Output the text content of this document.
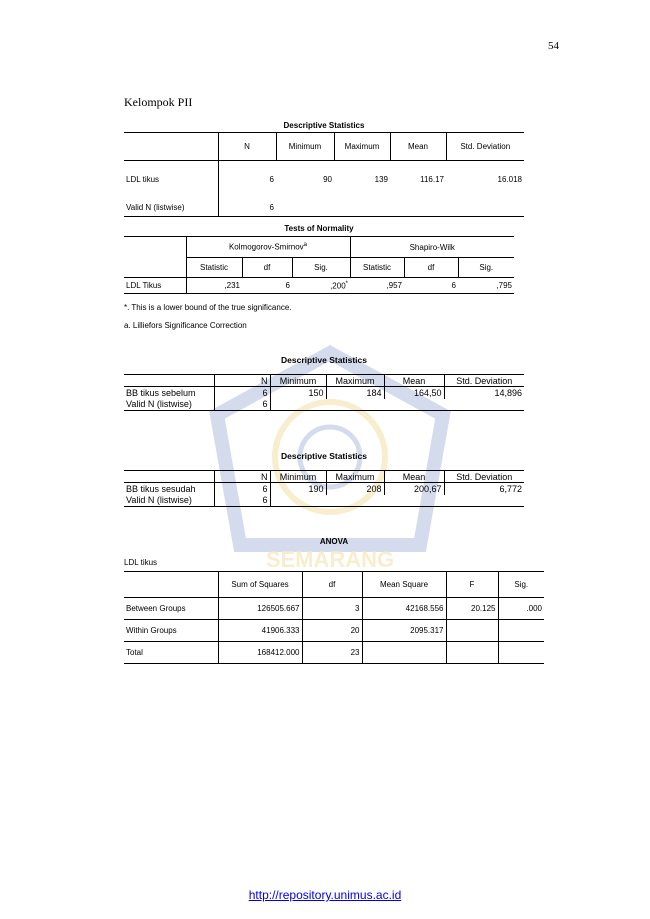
SEMARANG
54
Kelompok PII
Descriptive Statistics
	N	Minimum	Maximum	Mean	Std. Deviation
LDL tikus	6	90	139	116.17	16.018
Valid N (listwise)	6				
Tests of Normality
	Kolmogorov-Smirnov$^a$			Shapiro-Wilk		
	Statistic	df	Sig.	Statistic	df	Sig.
LDL Tikus	,231	6	,200*	,957	6	,795
*. This is a lower bound of the true significance.
a. Lilliefors Significance Correction
Descriptive Statistics
	N	Minimum	Maximum	Mean	Std. Deviation
BB tikus sebelum	6	150	184	164,50	14,896
Valid N (listwise)	6				
Descriptive Statistics
	N	Minimum	Maximum	Mean	Std. Deviation
BB tikus sesudah	6	190	208	200,67	6,772
Valid N (listwise)	6				
ANOVA
LDL tikus
	Sum of Squares	df	Mean Square	F	Sig.
Between Groups	126505.667	3	42168.556	20.125	.000
Within Groups	41906.333	20	2095.317		
Total	168412.000	23			
http://repository.unimus.ac.id
